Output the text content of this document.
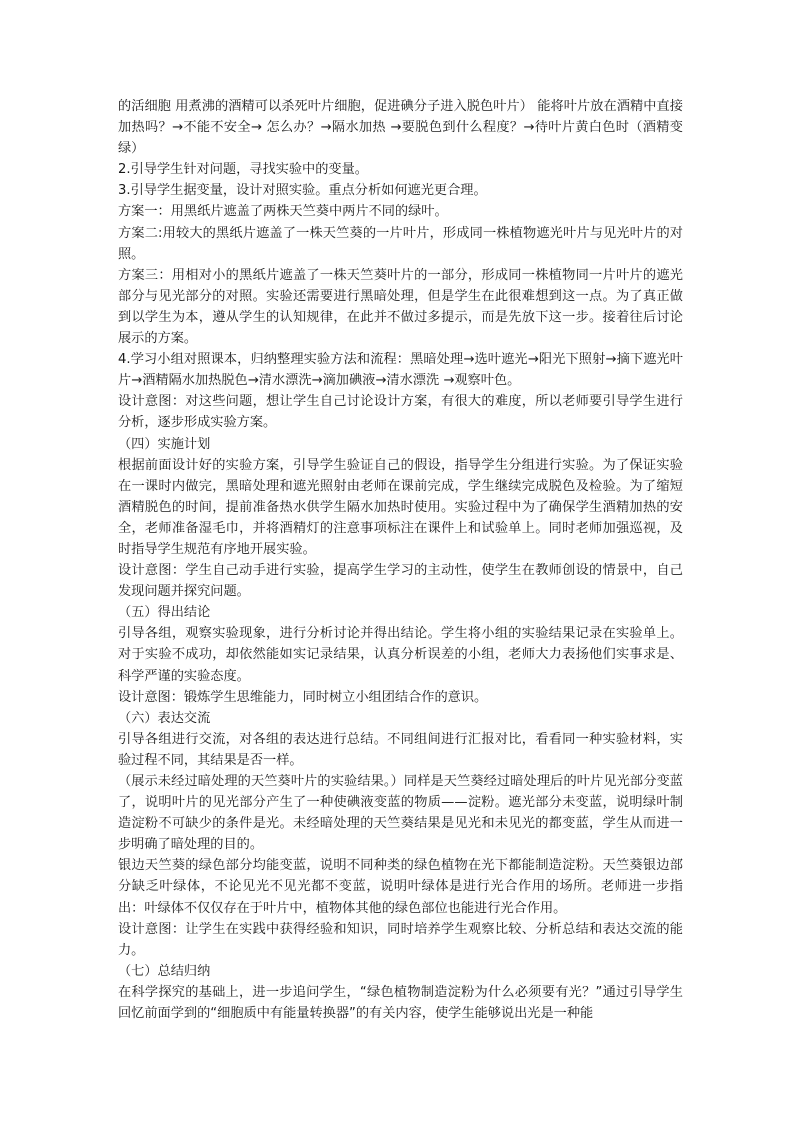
的活细胞 用煮沸的酒精可以杀死叶片细胞，促进碘分子进入脱色叶片） 能将叶片放在酒精中直接加热吗？→不能不安全→ 怎么办？→隔水加热 →要脱色到什么程度？→待叶片黄白色时（酒精变绿）

2.引导学生针对问题，寻找实验中的变量。

3.引导学生据变量，设计对照实验。重点分析如何遮光更合理。

方案一：用黑纸片遮盖了两株天竺葵中两片不同的绿叶。

方案二:用较大的黑纸片遮盖了一株天竺葵的一片叶片，形成同一株植物遮光叶片与见光叶片的对照。

方案三：用相对小的黑纸片遮盖了一株天竺葵叶片的一部分，形成同一株植物同一片叶片的遮光部分与见光部分的对照。实验还需要进行黑暗处理，但是学生在此很难想到这一点。为了真正做到以学生为本，遵从学生的认知规律，在此并不做过多提示，而是先放下这一步。接着往后讨论展示的方案。

4.学习小组对照课本，归纳整理实验方法和流程：黑暗处理→选叶遮光→阳光下照射→摘下遮光叶片→酒精隔水加热脱色→清水漂洗→滴加碘液→清水漂洗 →观察叶色。

设计意图：对这些问题，想让学生自己讨论设计方案，有很大的难度，所以老师要引导学生进行分析，逐步形成实验方案。

（四）实施计划

根据前面设计好的实验方案，引导学生验证自己的假设，指导学生分组进行实验。为了保证实验在一课时内做完，黑暗处理和遮光照射由老师在课前完成，学生继续完成脱色及检验。为了缩短酒精脱色的时间，提前准备热水供学生隔水加热时使用。实验过程中为了确保学生酒精加热的安全，老师准备湿毛巾，并将酒精灯的注意事项标注在课件上和试验单上。同时老师加强巡视，及时指导学生规范有序地开展实验。

设计意图：学生自己动手进行实验，提高学生学习的主动性，使学生在教师创设的情景中，自己发现问题并探究问题。

（五）得出结论

引导各组，观察实验现象，进行分析讨论并得出结论。学生将小组的实验结果记录在实验单上。对于实验不成功，却依然能如实记录结果，认真分析误差的小组，老师大力表扬他们实事求是、科学严谨的实验态度。

设计意图：锻炼学生思维能力，同时树立小组团结合作的意识。

（六）表达交流

引导各组进行交流，对各组的表达进行总结。不同组间进行汇报对比，看看同一种实验材料，实验过程不同，其结果是否一样。

（展示未经过暗处理的天竺葵叶片的实验结果。）同样是天竺葵经过暗处理后的叶片见光部分变蓝了，说明叶片的见光部分产生了一种使碘液变蓝的物质——淀粉。遮光部分未变蓝，说明绿叶制造淀粉不可缺少的条件是光。未经暗处理的天竺葵结果是见光和未见光的都变蓝，学生从而进一步明确了暗处理的目的。

银边天竺葵的绿色部分均能变蓝，说明不同种类的绿色植物在光下都能制造淀粉。天竺葵银边部分缺乏叶绿体，不论见光不见光都不变蓝，说明叶绿体是进行光合作用的场所。老师进一步指出：叶绿体不仅仅存在于叶片中，植物体其他的绿色部位也能进行光合作用。

设计意图：让学生在实践中获得经验和知识，同时培养学生观察比较、分析总结和表达交流的能力。

（七）总结归纳

在科学探究的基础上，进一步追问学生，“绿色植物制造淀粉为什么必须要有光？”通过引导学生回忆前面学到的“细胞质中有能量转换器”的有关内容，使学生能够说出光是一种能
